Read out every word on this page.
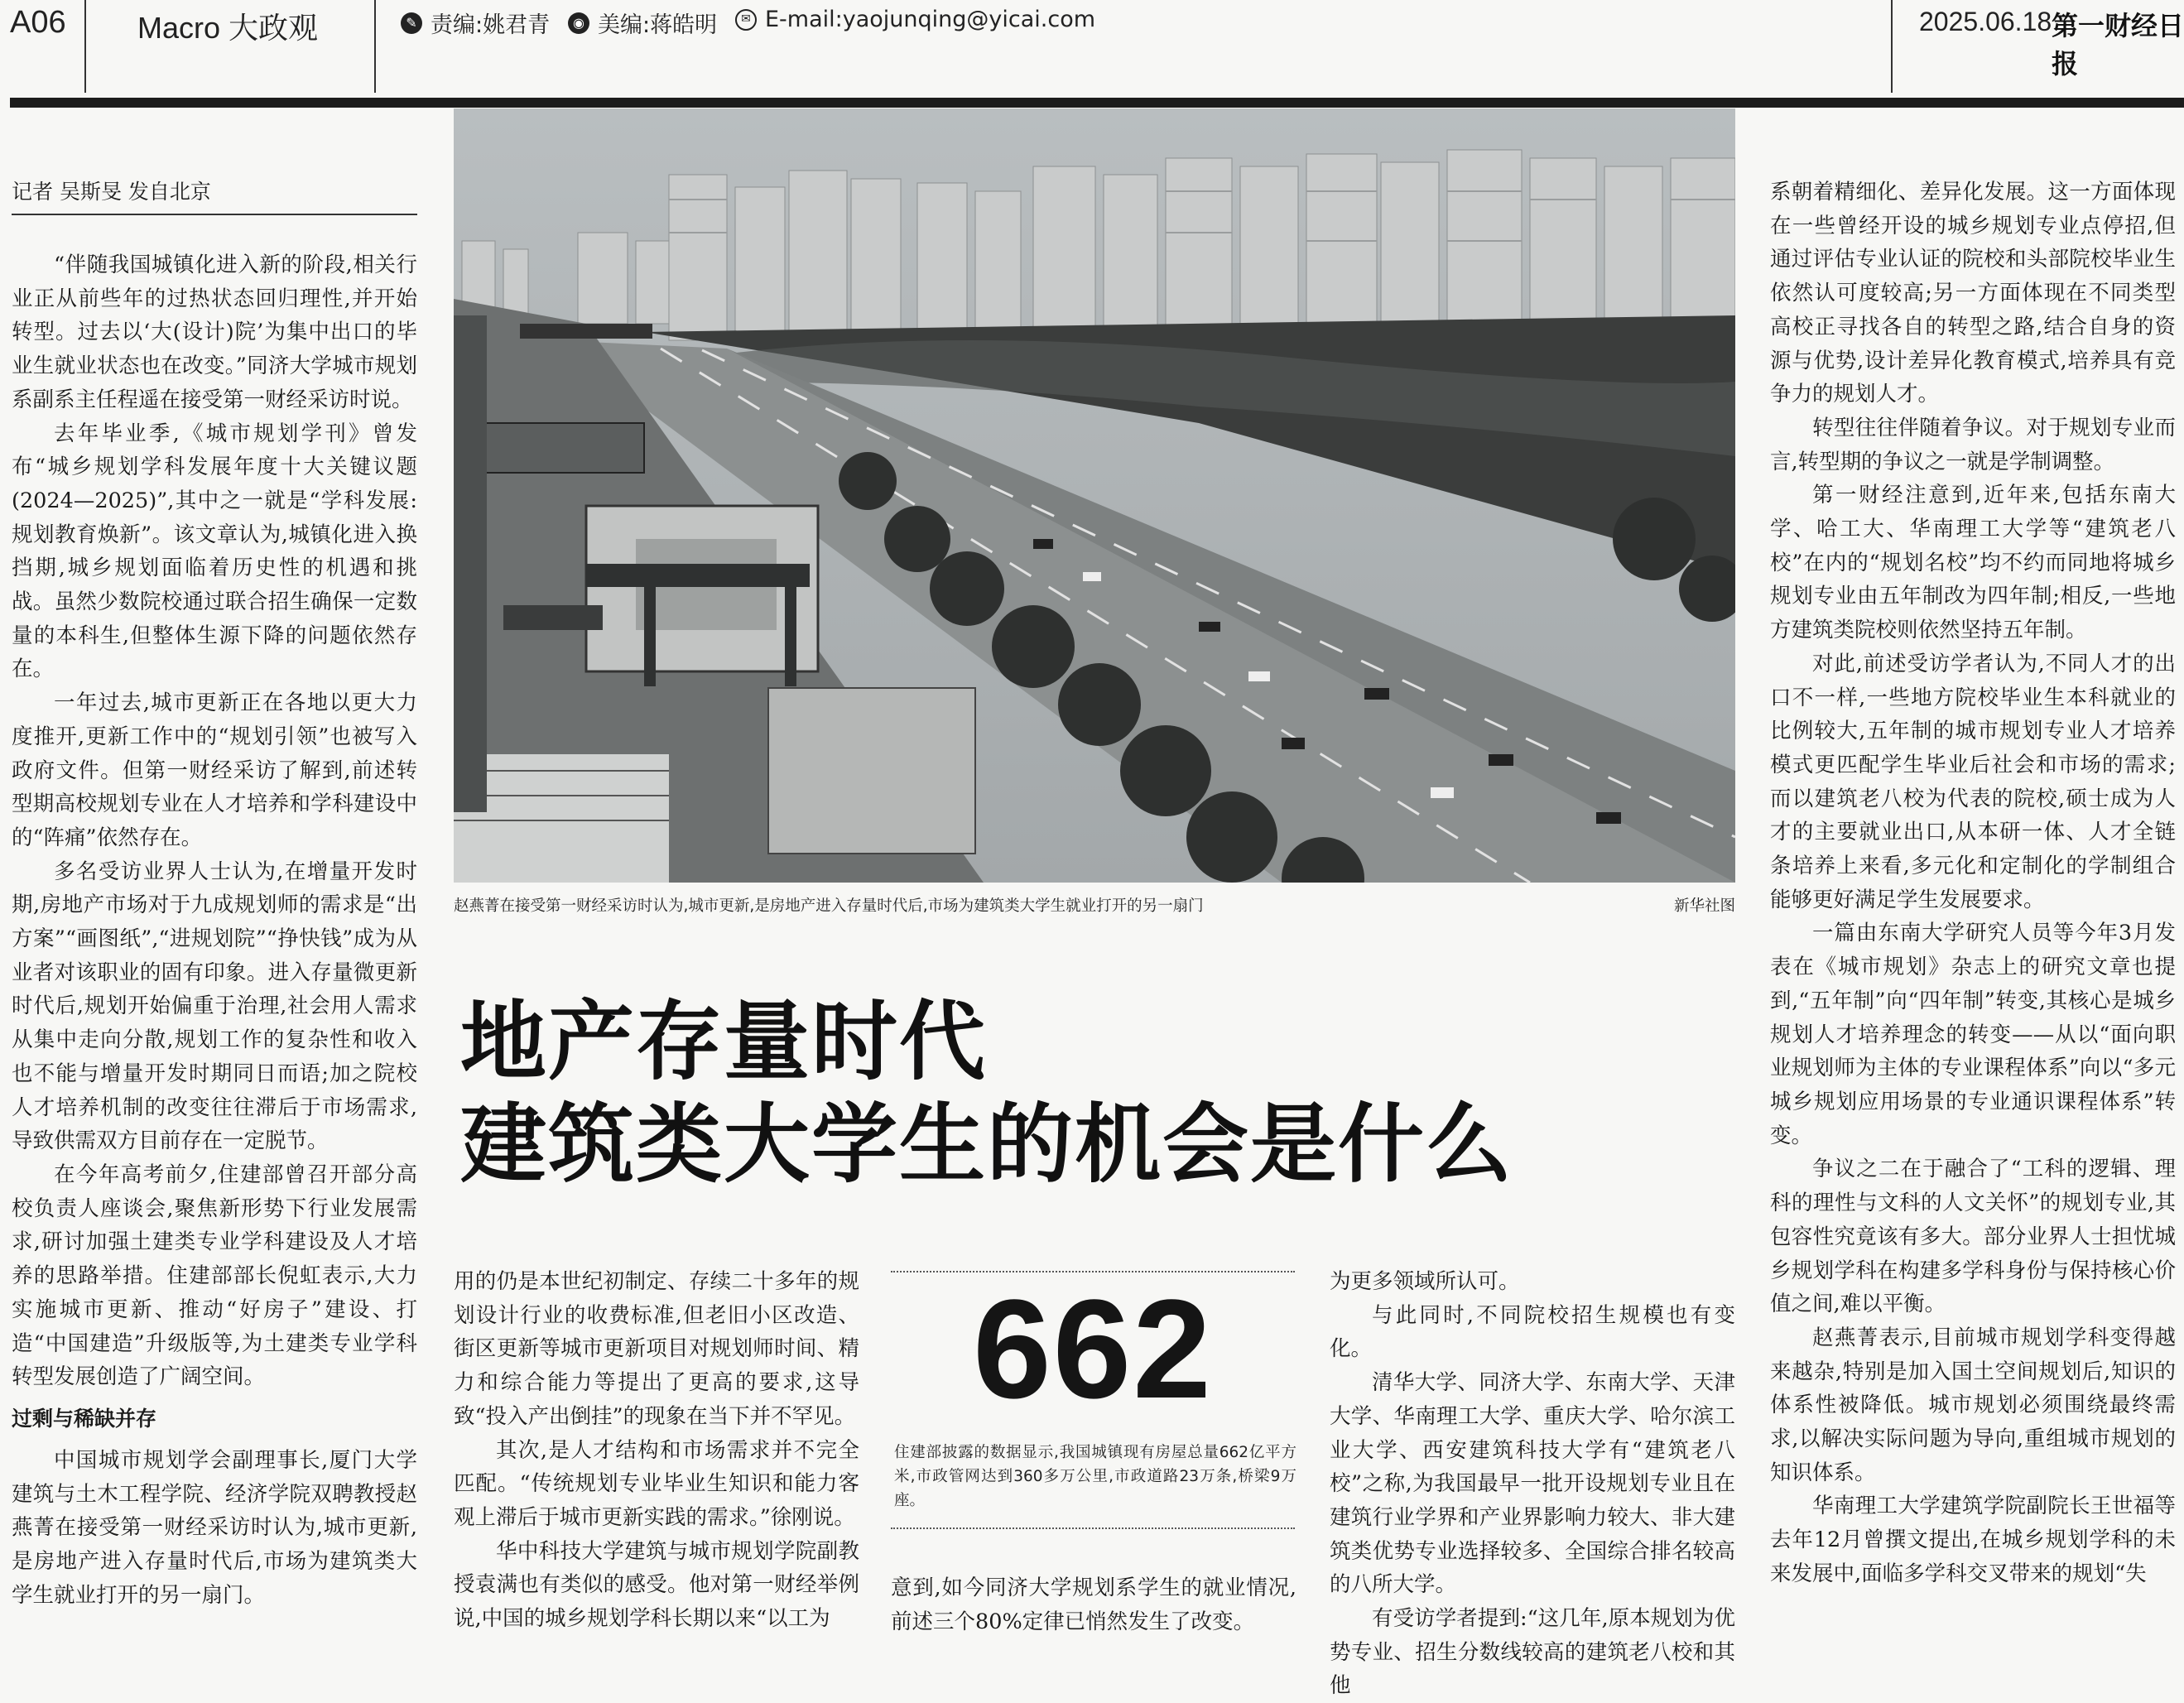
A06 Macro 大政观	✎ 责编:姚君青	◉ 美编:蒋皓明	✉ E-mail:yaojunqing@yicai.com	2025.06.18 第一财经日报
记者 吴斯旻 发自北京

“伴随我国城镇化进入新的阶段,相关行业正从前些年的过热状态回归理性,并开始转型。过去以‘大(设计)院’为集中出口的毕业生就业状态也在改变。”同济大学城市规划系副系主任程遥在接受第一财经采访时说。

去年毕业季,《城市规划学刊》曾发布“城乡规划学科发展年度十大关键议题(2024—2025)”,其中之一就是“学科发展:规划教育焕新”。该文章认为,城镇化进入换挡期,城乡规划面临着历史性的机遇和挑战。虽然少数院校通过联合招生确保一定数量的本科生,但整体生源下降的问题依然存在。

一年过去,城市更新正在各地以更大力度推开,更新工作中的“规划引领”也被写入政府文件。但第一财经采访了解到,前述转型期高校规划专业在人才培养和学科建设中的“阵痛”依然存在。

多名受访业界人士认为,在增量开发时期,房地产市场对于九成规划师的需求是“出方案”“画图纸”,“进规划院”“挣快钱”成为从业者对该职业的固有印象。进入存量微更新时代后,规划开始偏重于治理,社会用人需求从集中走向分散,规划工作的复杂性和收入也不能与增量开发时期同日而语;加之院校人才培养机制的改变往往滞后于市场需求,导致供需双方目前存在一定脱节。

在今年高考前夕,住建部曾召开部分高校负责人座谈会,聚焦新形势下行业发展需求,研讨加强土建类专业学科建设及人才培养的思路举措。住建部部长倪虹表示,大力实施城市更新、推动“好房子”建设、打造“中国建造”升级版等,为土建类专业学科转型发展创造了广阔空间。

过剩与稀缺并存

中国城市规划学会副理事长,厦门大学建筑与土木工程学院、经济学院双聘教授赵燕菁在接受第一财经采访时认为,城市更新,是房地产进入存量时代后,市场为建筑类大学生就业打开的另一扇门。

赵燕菁在接受第一财经采访时认为,城市更新,是房地产进入存量时代后,市场为建筑类大学生就业打开的另一扇门	新华社图
地产存量时代
建筑类大学生的机会是什么

用的仍是本世纪初制定、存续二十多年的规划设计行业的收费标准,但老旧小区改造、街区更新等城市更新项目对规划师时间、精力和综合能力等提出了更高的要求,这导致“投入产出倒挂”的现象在当下并不罕见。

其次,是人才结构和市场需求并不完全匹配。“传统规划专业毕业生知识和能力客观上滞后于城市更新实践的需求。”徐刚说。

华中科技大学建筑与城市规划学院副教授袁满也有类似的感受。他对第一财经举例说,中国的城乡规划学科长期以来“以工为

662
住建部披露的数据显示,我国城镇现有房屋总量662亿平方米,市政管网达到360多万公里,市政道路23万条,桥梁9万座。

意到,如今同济大学规划系学生的就业情况,前述三个80%定律已悄然发生了改变。

为更多领域所认可。

与此同时,不同院校招生规模也有变化。

清华大学、同济大学、东南大学、天津大学、华南理工大学、重庆大学、哈尔滨工业大学、西安建筑科技大学有“建筑老八校”之称,为我国最早一批开设规划专业且在建筑行业学界和产业界影响力较大、非大建筑类优势专业选择较多、全国综合排名较高的八所大学。

有受访学者提到:“这几年,原本规划为优势专业、招生分数线较高的建筑老八校和其他

系朝着精细化、差异化发展。这一方面体现在一些曾经开设的城乡规划专业点停招,但通过评估专业认证的院校和头部院校毕业生依然认可度较高;另一方面体现在不同类型高校正寻找各自的转型之路,结合自身的资源与优势,设计差异化教育模式,培养具有竞争力的规划人才。

转型往往伴随着争议。对于规划专业而言,转型期的争议之一就是学制调整。

第一财经注意到,近年来,包括东南大学、哈工大、华南理工大学等“建筑老八校”在内的“规划名校”均不约而同地将城乡规划专业由五年制改为四年制;相反,一些地方建筑类院校则依然坚持五年制。

对此,前述受访学者认为,不同人才的出口不一样,一些地方院校毕业生本科就业的比例较大,五年制的城市规划专业人才培养模式更匹配学生毕业后社会和市场的需求;而以建筑老八校为代表的院校,硕士成为人才的主要就业出口,从本研一体、人才全链条培养上来看,多元化和定制化的学制组合能够更好满足学生发展要求。

一篇由东南大学研究人员等今年3月发表在《城市规划》杂志上的研究文章也提到,“五年制”向“四年制”转变,其核心是城乡规划人才培养理念的转变——从以“面向职业规划师为主体的专业课程体系”向以“多元城乡规划应用场景的专业通识课程体系”转变。

争议之二在于融合了“工科的逻辑、理科的理性与文科的人文关怀”的规划专业,其包容性究竟该有多大。部分业界人士担忧城乡规划学科在构建多学科身份与保持核心价值之间,难以平衡。

赵燕菁表示,目前城市规划学科变得越来越杂,特别是加入国土空间规划后,知识的体系性被降低。城市规划必须围绕最终需求,以解决实际问题为导向,重组城市规划的知识体系。

华南理工大学建筑学院副院长王世福等去年12月曾撰文提出,在城乡规划学科的未来发展中,面临多学科交叉带来的规划“失
